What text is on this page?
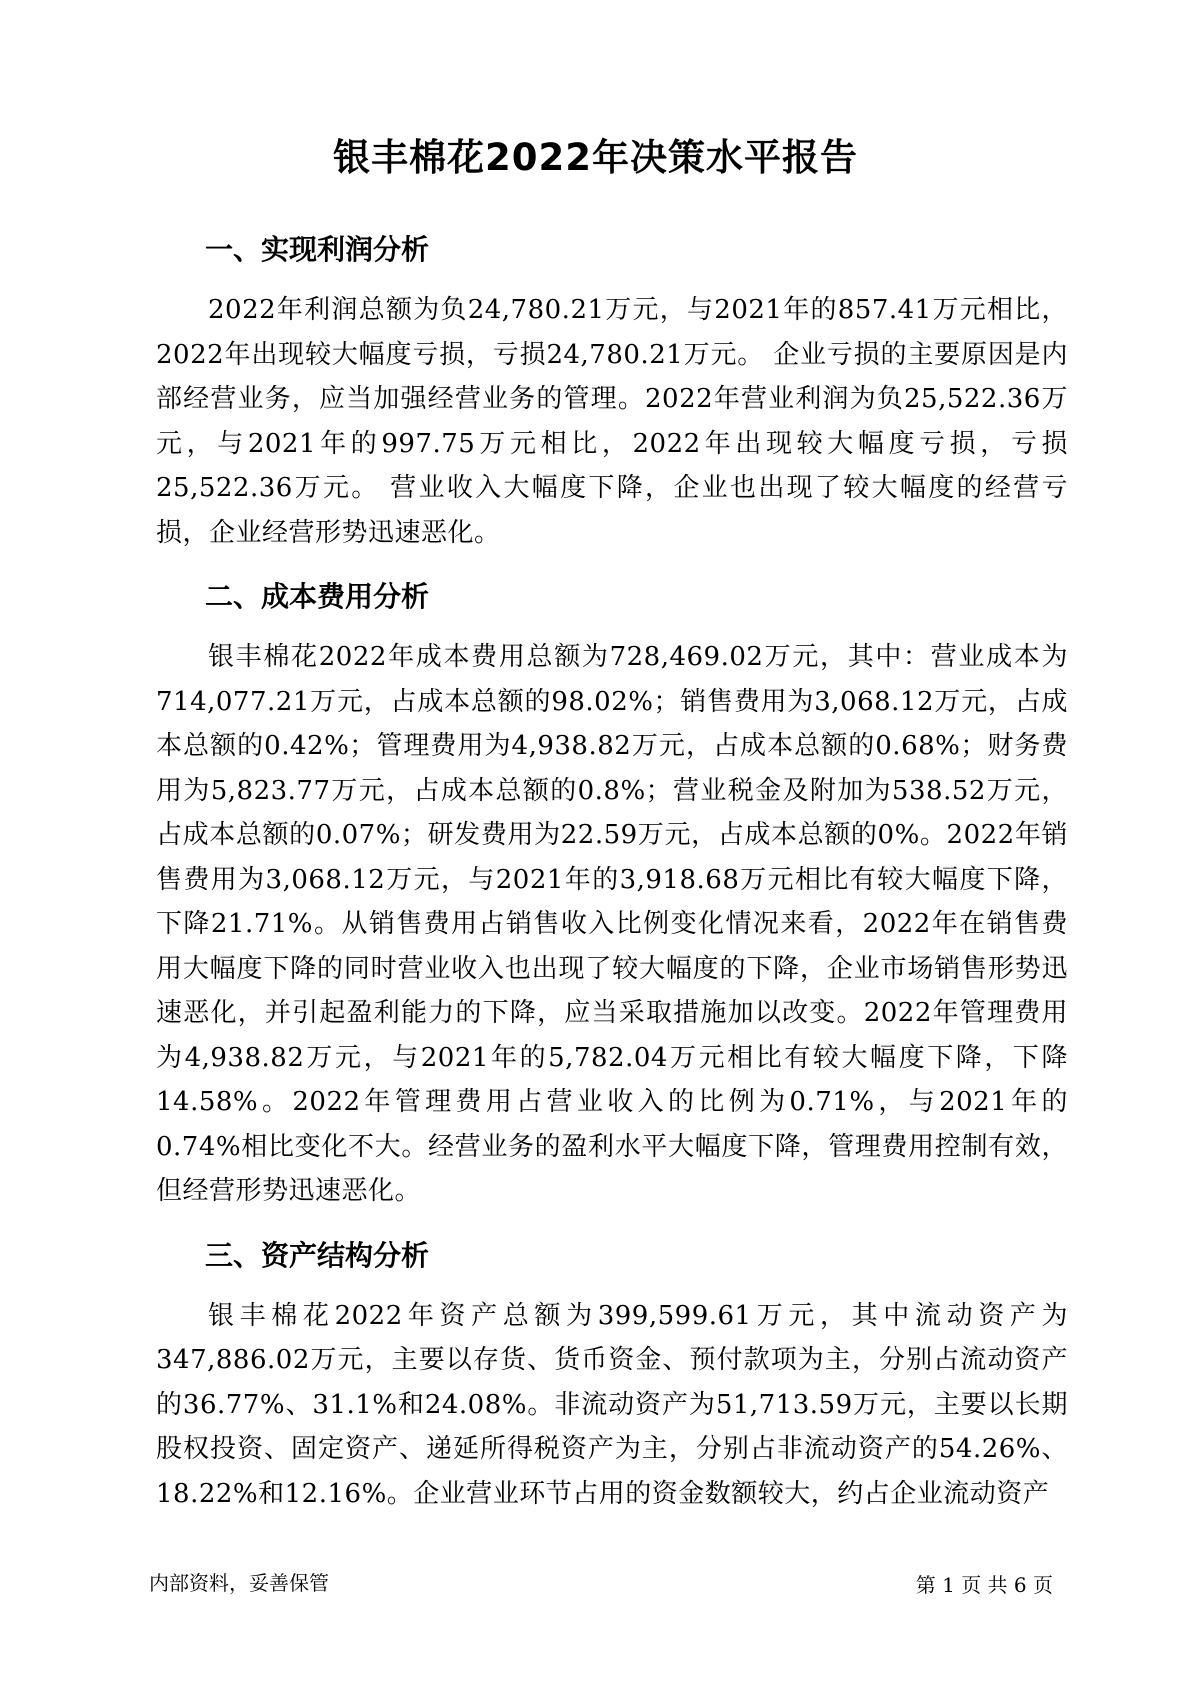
银丰棉花2022年决策水平报告
一、实现利润分析

2022年利润总额为负24,780.21万元，与2021年的857.41万元相比，2022年出现较大幅度亏损，亏损24,780.21万元。 企业亏损的主要原因是内部经营业务，应当加强经营业务的管理。2022年营业利润为负25,522.36万元，与2021年的997.75万元相比，2022年出现较大幅度亏损，亏损25,522.36万元。 营业收入大幅度下降，企业也出现了较大幅度的经营亏损，企业经营形势迅速恶化。

二、成本费用分析

银丰棉花2022年成本费用总额为728,469.02万元，其中：营业成本为714,077.21万元，占成本总额的98.02%；销售费用为3,068.12万元，占成本总额的0.42%；管理费用为4,938.82万元，占成本总额的0.68%；财务费用为5,823.77万元，占成本总额的0.8%；营业税金及附加为538.52万元，占成本总额的0.07%；研发费用为22.59万元，占成本总额的0%。2022年销售费用为3,068.12万元，与2021年的3,918.68万元相比有较大幅度下降，下降21.71%。从销售费用占销售收入比例变化情况来看，2022年在销售费用大幅度下降的同时营业收入也出现了较大幅度的下降，企业市场销售形势迅速恶化，并引起盈利能力的下降，应当采取措施加以改变。2022年管理费用为4,938.82万元，与2021年的5,782.04万元相比有较大幅度下降，下降14.58%。2022年管理费用占营业收入的比例为0.71%，与2021年的0.74%相比变化不大。经营业务的盈利水平大幅度下降，管理费用控制有效，但经营形势迅速恶化。

三、资产结构分析

银丰棉花2022年资产总额为399,599.61万元，其中流动资产为347,886.02万元，主要以存货、货币资金、预付款项为主，分别占流动资产的36.77%、31.1%和24.08%。非流动资产为51,713.59万元，主要以长期股权投资、固定资产、递延所得税资产为主，分别占非流动资产的54.26%、18.22%和12.16%。企业营业环节占用的资金数额较大，约占企业流动资产

内部资料，妥善保管	第 1 页 共 6 页
